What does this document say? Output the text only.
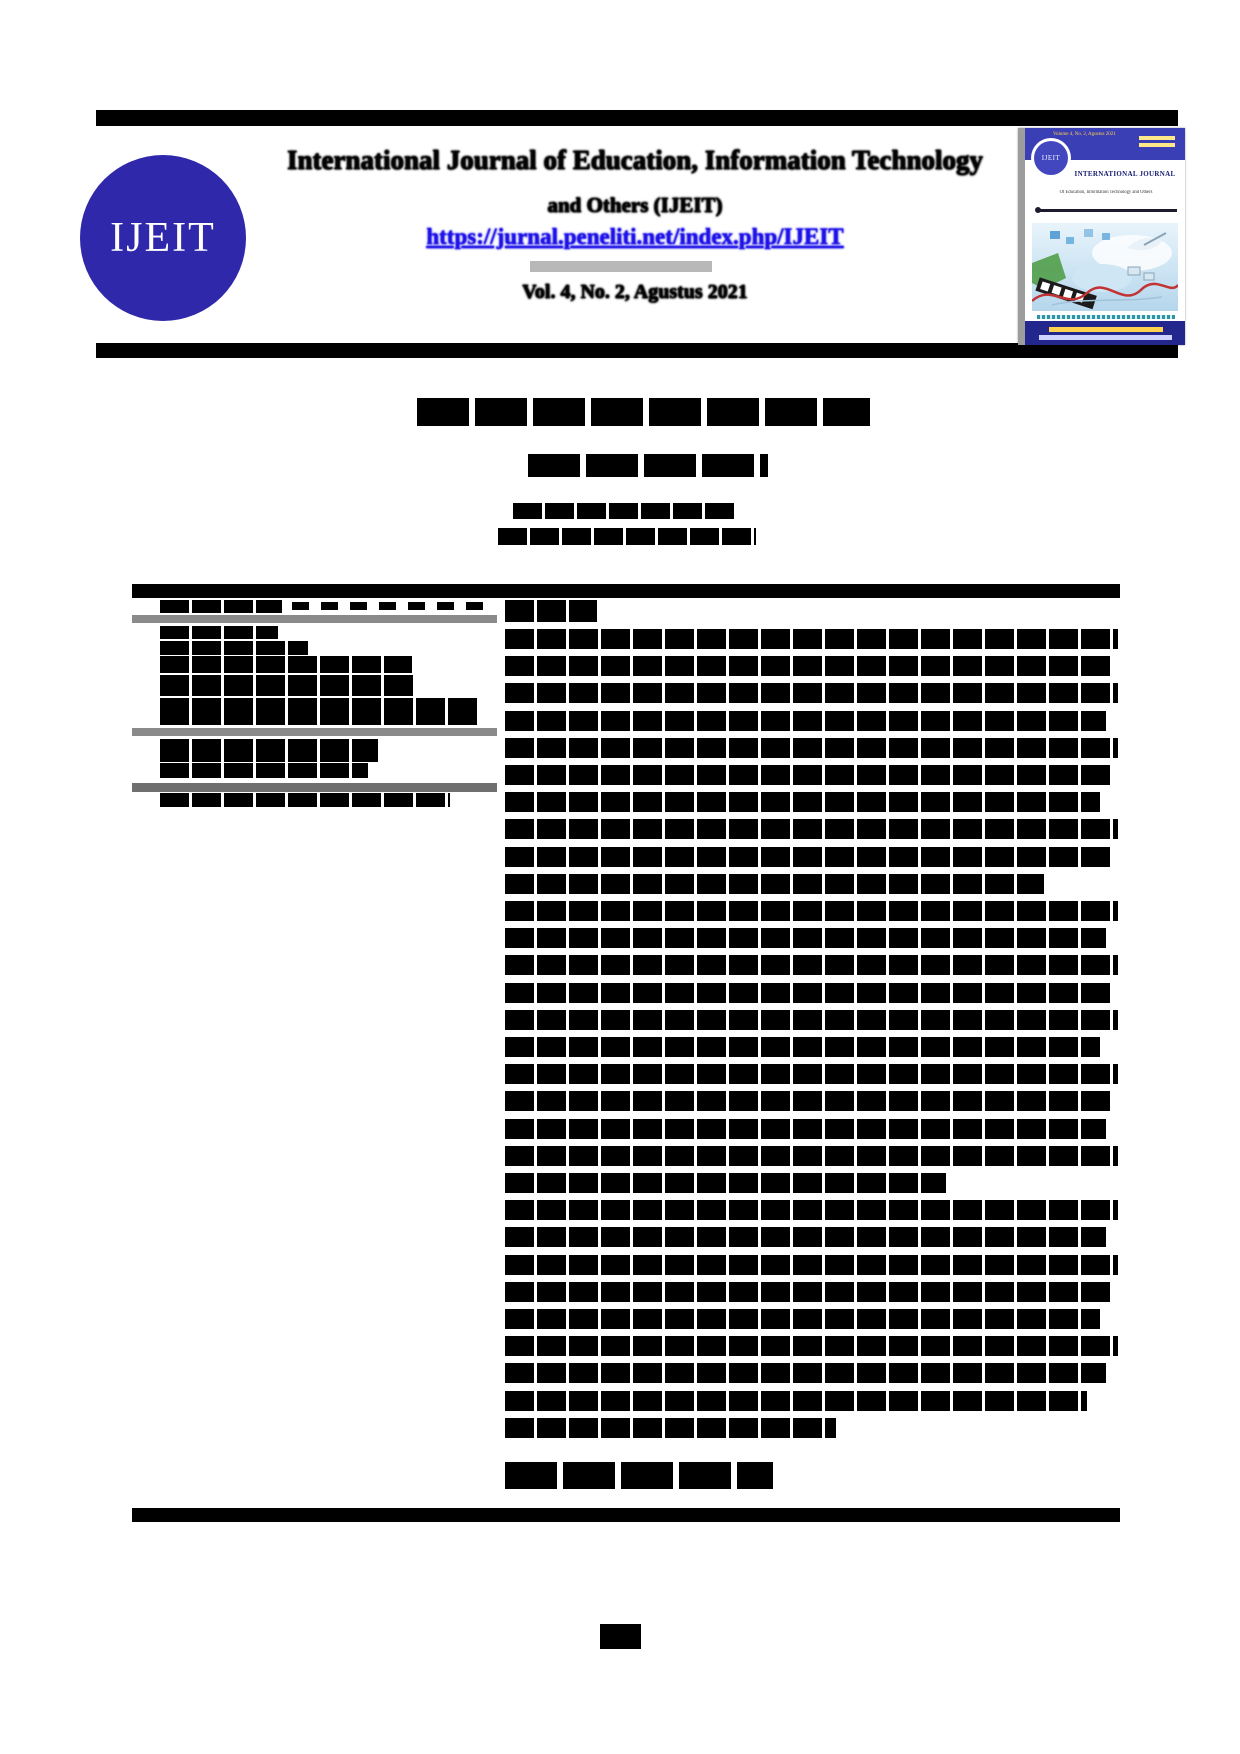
IJEIT
International Journal of Education, Information Technology
and Others (IJEIT)
https://jurnal.peneliti.net/index.php/IJEIT
Vol. 4, No. 2, Agustus 2021
Volume 4, No. 2, Agustus 2021
IJEIT
INTERNATIONAL JOURNAL
Of Education, Information Technology and Others
